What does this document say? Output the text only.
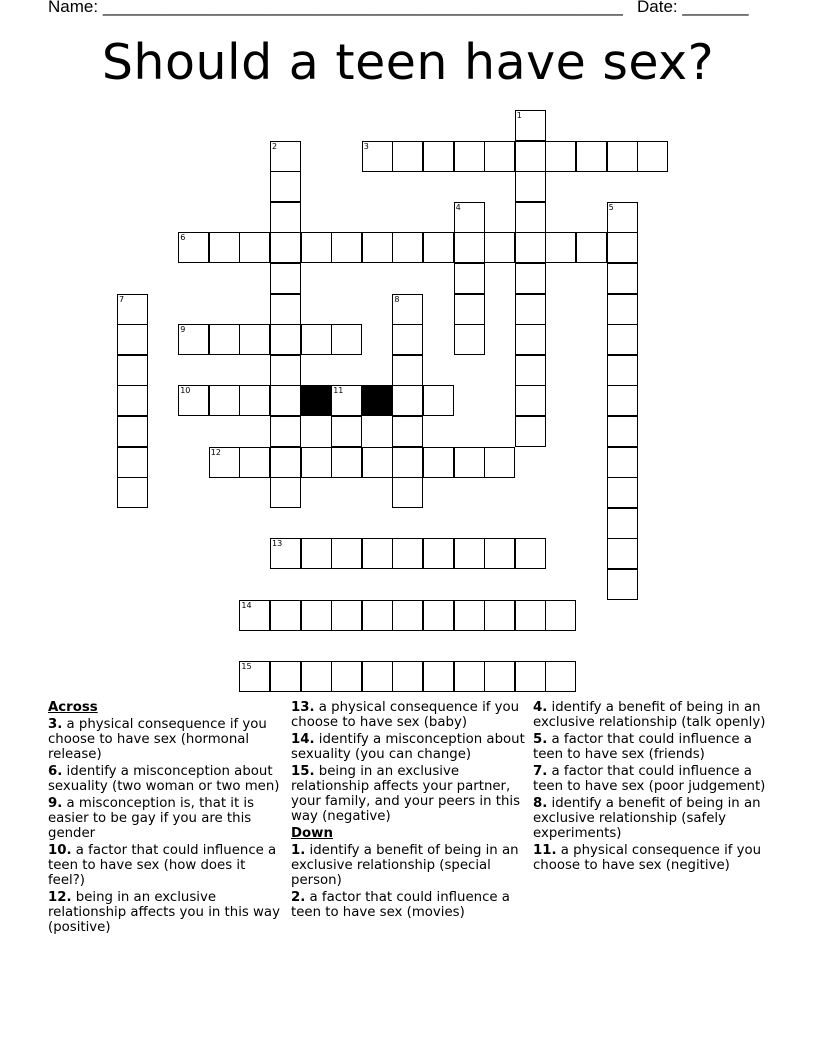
Name: _______________________________________________________ Date: _______
Should a teen have sex?
1
2	3
4	5
6
7	8
9
10	11
12
13
14
15
Across
3. a physical consequence if you choose to have sex (hormonal release)
6. identify a misconception about sexuality (two woman or two men)
9. a misconception is, that it is easier to be gay if you are this gender
10. a factor that could influence a teen to have sex (how does it feel?)
12. being in an exclusive relationship affects you in this way (positive)
13. a physical consequence if you choose to have sex (baby)
14. identify a misconception about sexuality (you can change)
15. being in an exclusive relationship affects your partner, your family, and your peers in this way (negative)
Down
1. identify a benefit of being in an exclusive relationship (special person)
2. a factor that could influence a teen to have sex (movies)
4. identify a benefit of being in an exclusive relationship (talk openly)
5. a factor that could influence a teen to have sex (friends)
7. a factor that could influence a teen to have sex (poor judgement)
8. identify a benefit of being in an exclusive relationship (safely experiments)
11. a physical consequence if you choose to have sex (negitive)
